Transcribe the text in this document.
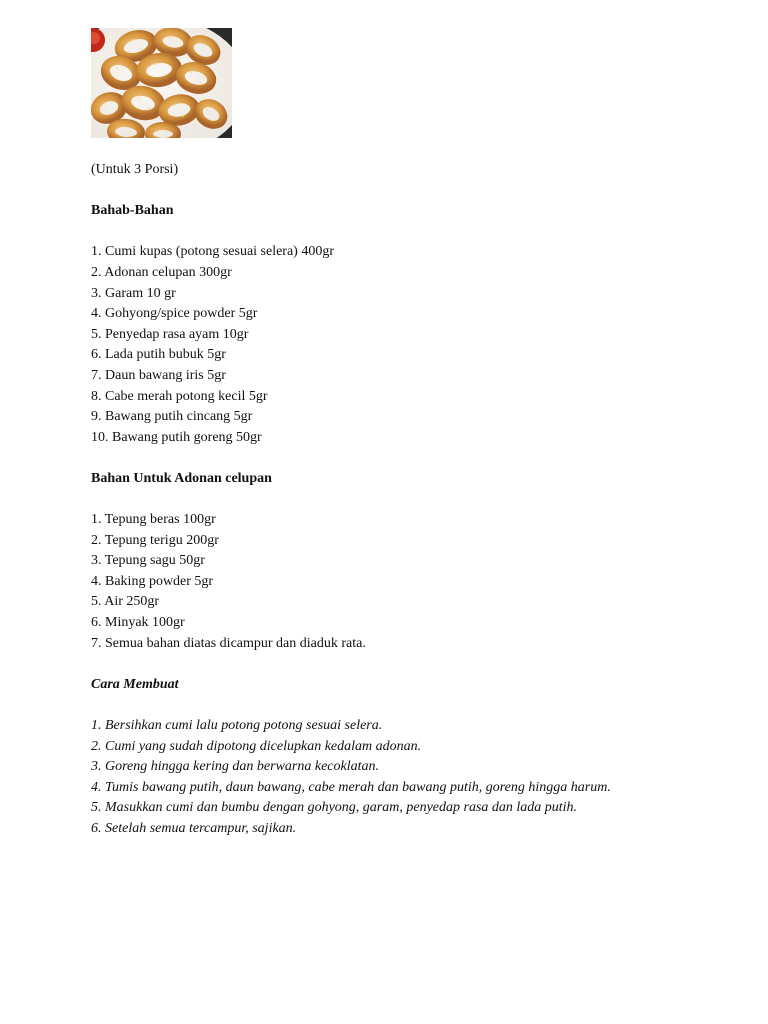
(Untuk 3 Porsi)
Bahab-Bahan
1. Cumi kupas (potong sesuai selera) 400gr
2. Adonan celupan 300gr
3. Garam 10 gr
4. Gohyong/spice powder 5gr
5. Penyedap rasa ayam 10gr
6. Lada putih bubuk 5gr
7. Daun bawang iris 5gr
8. Cabe merah potong kecil 5gr
9. Bawang putih cincang 5gr
10. Bawang putih goreng 50gr
Bahan Untuk Adonan celupan
1. Tepung beras 100gr
2. Tepung terigu 200gr
3. Tepung sagu 50gr
4. Baking powder 5gr
5. Air 250gr
6. Minyak 100gr
7. Semua bahan diatas dicampur dan diaduk rata.
Cara Membuat
1. Bersihkan cumi lalu potong potong sesuai selera.
2. Cumi yang sudah dipotong dicelupkan kedalam adonan.
3. Goreng hingga kering dan berwarna kecoklatan.
4. Tumis bawang putih, daun bawang, cabe merah dan bawang putih, goreng hingga harum.
5. Masukkan cumi dan bumbu dengan gohyong, garam, penyedap rasa dan lada putih.
6. Setelah semua tercampur, sajikan.
